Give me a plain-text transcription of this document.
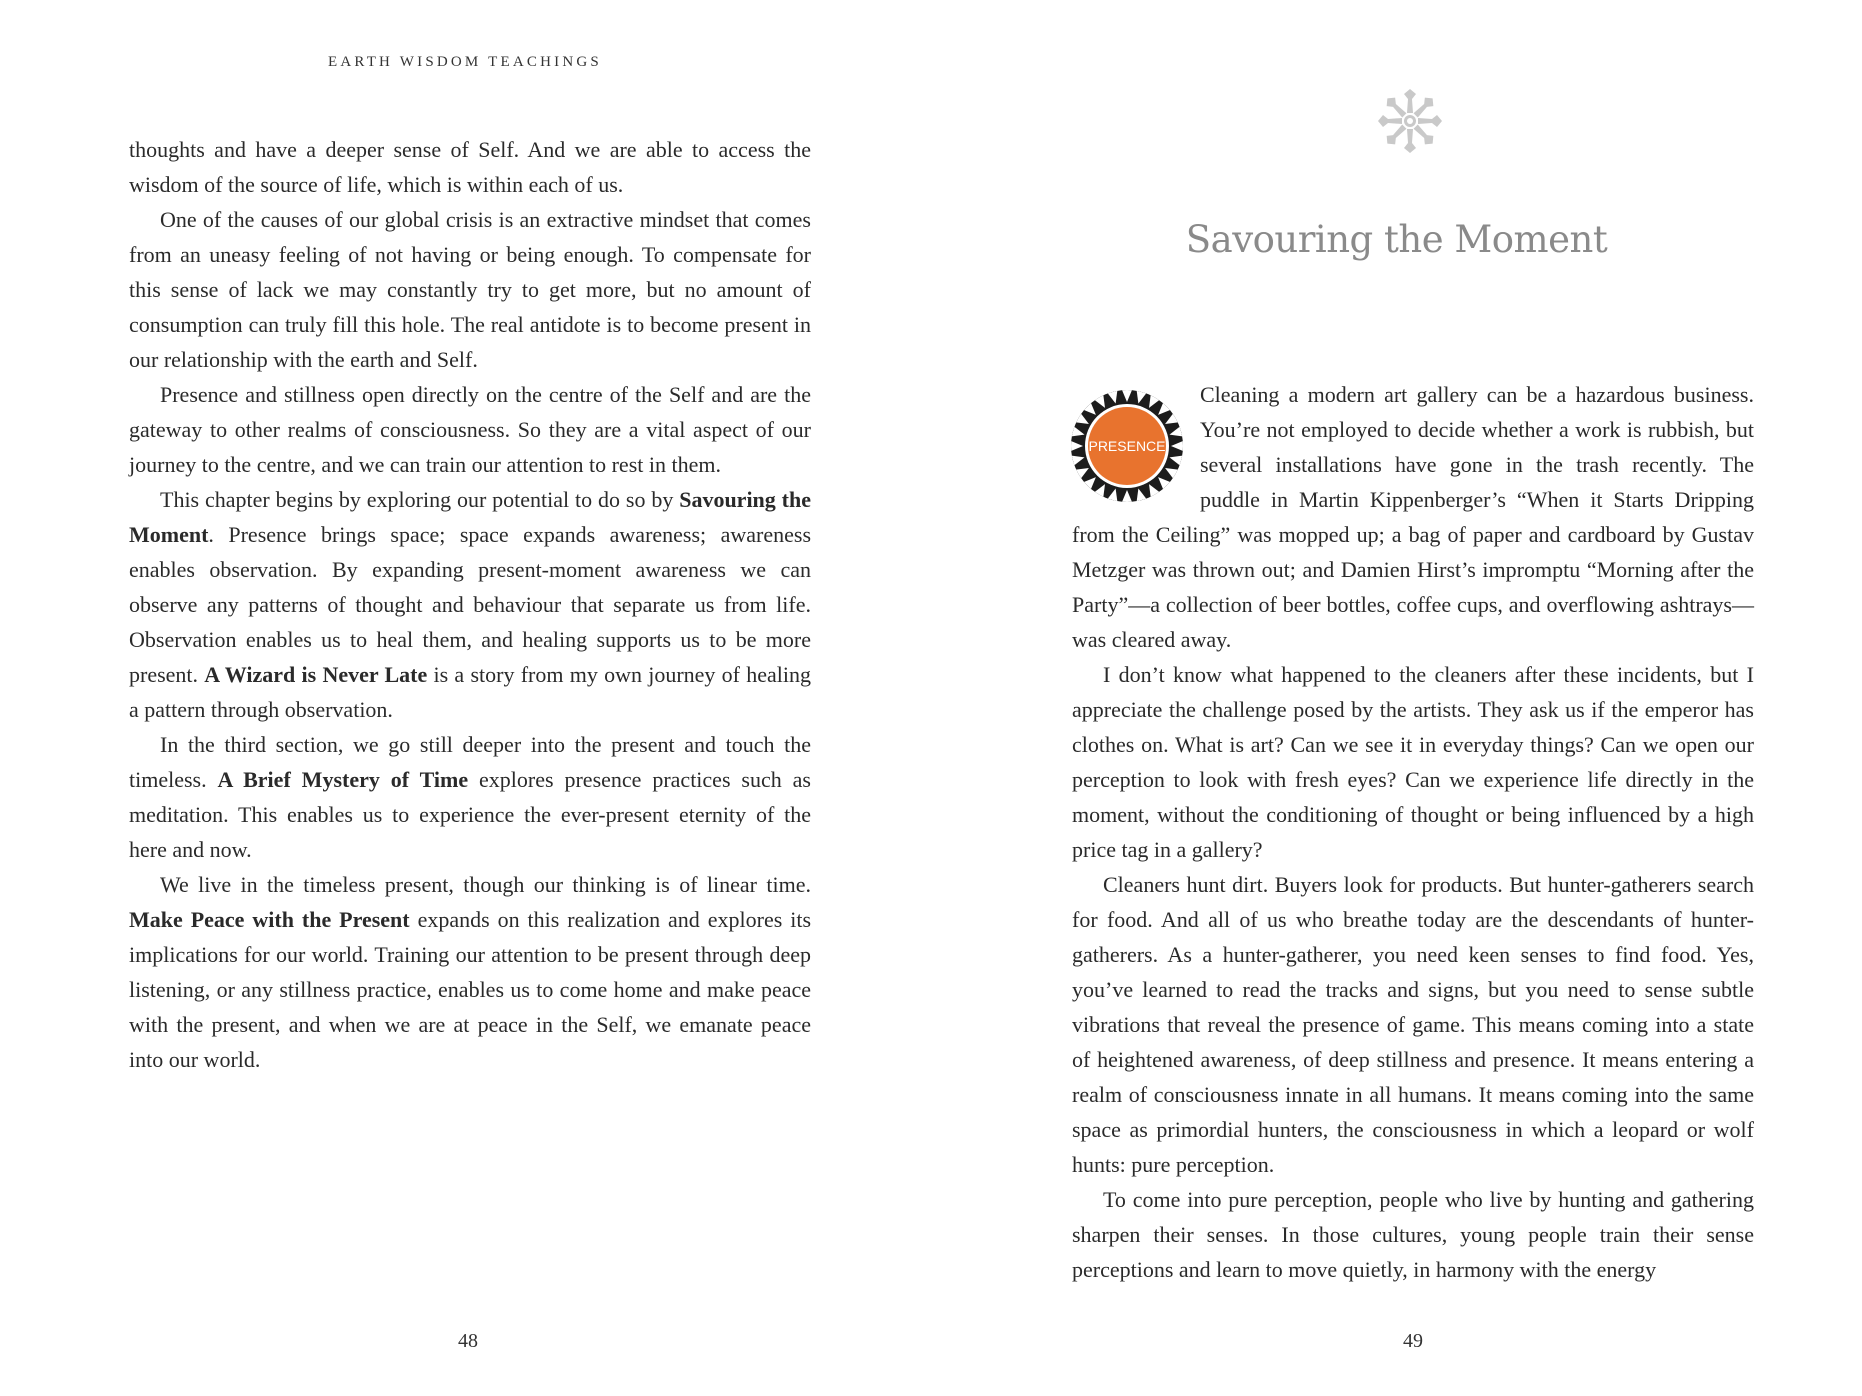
EARTH WISDOM TEACHINGS

thoughts and have a deeper sense of Self. And we are able to access the wisdom of the source of life, which is within each of us.

One of the causes of our global crisis is an extractive mindset that comes from an uneasy feeling of not having or being enough. To compensate for this sense of lack we may constantly try to get more, but no amount of consumption can truly fill this hole. The real antidote is to become present in our relationship with the earth and Self.

Presence and stillness open directly on the centre of the Self and are the gateway to other realms of consciousness. So they are a vital aspect of our journey to the centre, and we can train our attention to rest in them.

This chapter begins by exploring our potential to do so by Savouring the Moment. Presence brings space; space expands awareness; awareness enables observation. By expanding present-moment awareness we can observe any patterns of thought and behaviour that separate us from life. Observation enables us to heal them, and healing supports us to be more present. A Wizard is Never Late is a story from my own journey of healing a pattern through observation.

In the third section, we go still deeper into the present and touch the timeless. A Brief Mystery of Time explores presence practices such as meditation. This enables us to experience the ever-present eternity of the here and now.

We live in the timeless present, though our thinking is of linear time. Make Peace with the Present expands on this realization and explores its implications for our world. Training our attention to be present through deep listening, or any stillness practice, enables us to come home and make peace with the present, and when we are at peace in the Self, we emanate peace into our world.

48
Savouring the Moment
PRESENCE

Cleaning a modern art gallery can be a hazardous business. You’re not employed to decide whether a work is rubbish, but several installations have gone in the trash recently. The puddle in Martin Kippenberger’s “When it Starts Dripping from the Ceiling” was mopped up; a bag of paper and cardboard by Gustav Metzger was thrown out; and Damien Hirst’s impromptu “Morning after the Party”—a collection of beer bottles, coffee cups, and overflowing ashtrays—was cleared away.

I don’t know what happened to the cleaners after these incidents, but I appreciate the challenge posed by the artists. They ask us if the emperor has clothes on. What is art? Can we see it in everyday things? Can we open our perception to look with fresh eyes? Can we experience life directly in the moment, without the conditioning of thought or being influenced by a high price tag in a gallery?

Cleaners hunt dirt. Buyers look for products. But hunter-gatherers search for food. And all of us who breathe today are the descendants of hunter-gatherers. As a hunter-gatherer, you need keen senses to find food. Yes, you’ve learned to read the tracks and signs, but you need to sense subtle vibrations that reveal the presence of game. This means coming into a state of heightened awareness, of deep stillness and presence. It means entering a realm of consciousness innate in all humans. It means coming into the same space as primordial hunters, the consciousness in which a leopard or wolf hunts: pure perception.

To come into pure perception, people who live by hunting and gathering sharpen their senses. In those cultures, young people train their sense perceptions and learn to move quietly, in harmony with the energy

49
